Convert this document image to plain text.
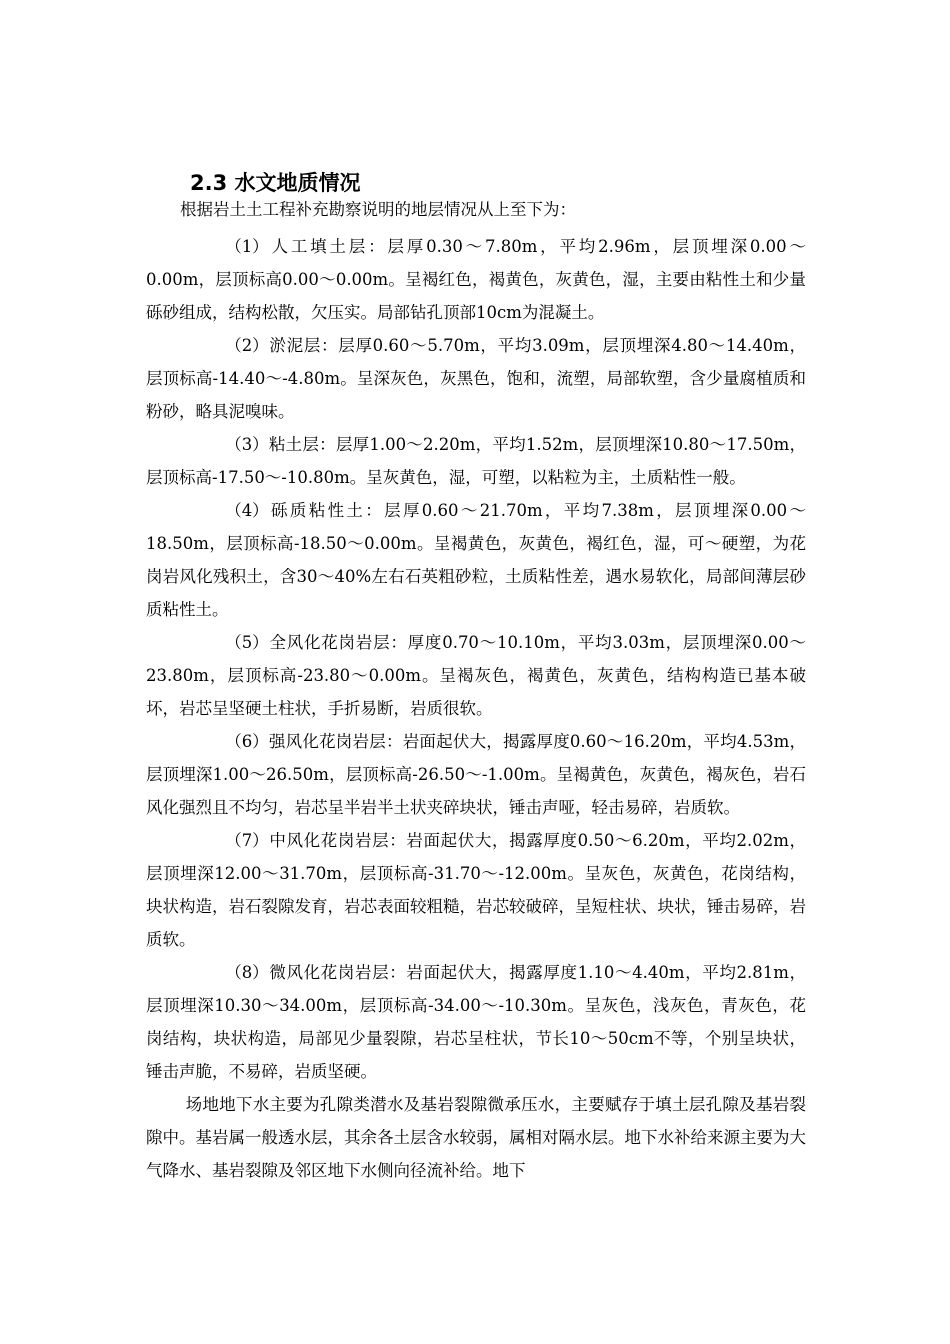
2.3 水文地质情况
根据岩土土工程补充勘察说明的地层情况从上至下为：

（1）人工填土层：层厚0.30～7.80m，平均2.96m，层顶埋深0.00～0.00m，层顶标高0.00～0.00m。呈褐红色，褐黄色，灰黄色，湿，主要由粘性土和少量砾砂组成，结构松散，欠压实。局部钻孔顶部10cm为混凝土。

（2）淤泥层：层厚0.60～5.70m，平均3.09m，层顶埋深4.80～14.40m，层顶标高-14.40～-4.80m。呈深灰色，灰黑色，饱和，流塑，局部软塑，含少量腐植质和粉砂，略具泥嗅味。

（3）粘土层：层厚1.00～2.20m，平均1.52m，层顶埋深10.80～17.50m，层顶标高-17.50～-10.80m。呈灰黄色，湿，可塑，以粘粒为主，土质粘性一般。

（4）砾质粘性土：层厚0.60～21.70m，平均7.38m，层顶埋深0.00～18.50m，层顶标高-18.50～0.00m。呈褐黄色，灰黄色，褐红色，湿，可～硬塑，为花岗岩风化残积土，含30～40%左右石英粗砂粒，土质粘性差，遇水易软化，局部间薄层砂质粘性土。

（5）全风化花岗岩层：厚度0.70～10.10m，平均3.03m，层顶埋深0.00～23.80m，层顶标高-23.80～0.00m。呈褐灰色，褐黄色，灰黄色，结构构造已基本破坏，岩芯呈坚硬土柱状，手折易断，岩质很软。

（6）强风化花岗岩层：岩面起伏大，揭露厚度0.60～16.20m，平均4.53m，层顶埋深1.00～26.50m，层顶标高-26.50～-1.00m。呈褐黄色，灰黄色，褐灰色，岩石风化强烈且不均匀，岩芯呈半岩半土状夹碎块状，锤击声哑，轻击易碎，岩质软。

（7）中风化花岗岩层：岩面起伏大，揭露厚度0.50～6.20m，平均2.02m，层顶埋深12.00～31.70m，层顶标高-31.70～-12.00m。呈灰色，灰黄色，花岗结构，块状构造，岩石裂隙发育，岩芯表面较粗糙，岩芯较破碎，呈短柱状、块状，锤击易碎，岩质软。

（8）微风化花岗岩层：岩面起伏大，揭露厚度1.10～4.40m，平均2.81m，层顶埋深10.30～34.00m，层顶标高-34.00～-10.30m。呈灰色，浅灰色，青灰色，花岗结构，块状构造，局部见少量裂隙，岩芯呈柱状，节长10～50cm不等，个别呈块状，锤击声脆，不易碎，岩质坚硬。

场地地下水主要为孔隙类潜水及基岩裂隙微承压水，主要赋存于填土层孔隙及基岩裂隙中。基岩属一般透水层，其余各土层含水较弱，属相对隔水层。地下水补给来源主要为大气降水、基岩裂隙及邻区地下水侧向径流补给。地下
